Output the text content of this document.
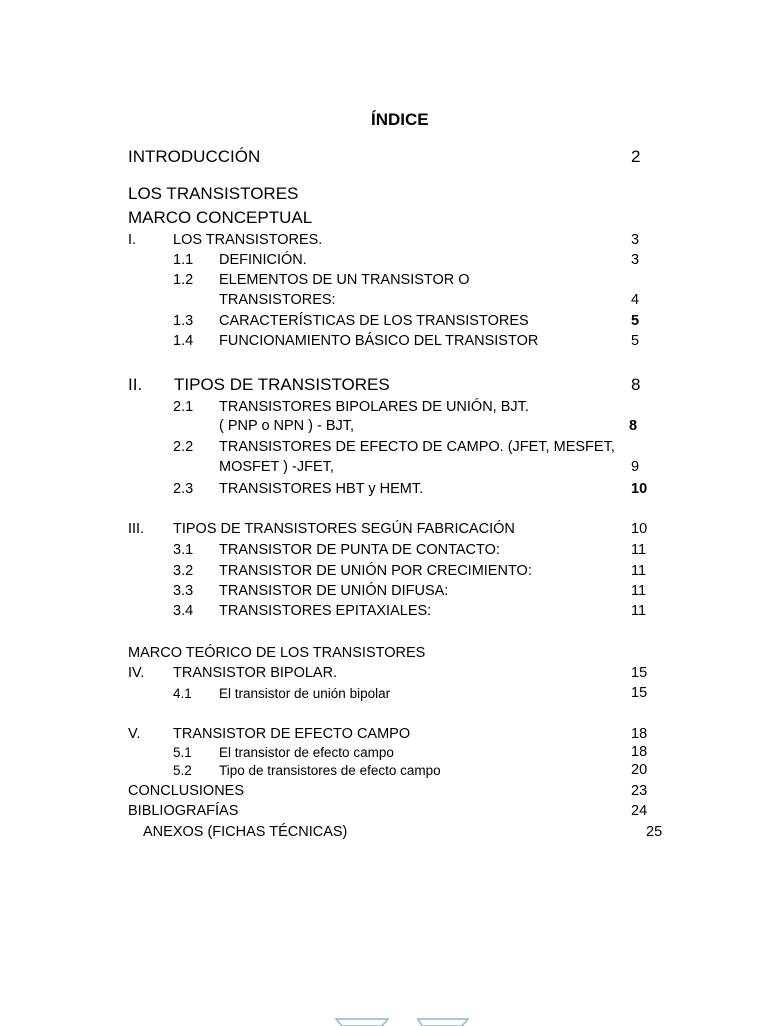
ÍNDICE
INTRODUCCIÓN	2
LOS TRANSISTORES
MARCO CONCEPTUAL
I.	LOS TRANSISTORES.	3
1.1 DEFINICIÓN.	3
1.2 ELEMENTOS DE UN TRANSISTOR O
TRANSISTORES:	4
1.3 CARACTERÍSTICAS DE LOS TRANSISTORES	5
1.4 FUNCIONAMIENTO BÁSICO DEL TRANSISTOR	5
II. TIPOS DE TRANSISTORES	8
2.1 TRANSISTORES BIPOLARES DE UNIÓN, BJT.
( PNP o NPN ) - BJT,	8
2.2 TRANSISTORES DE EFECTO DE CAMPO. (JFET, MESFET,
MOSFET ) -JFET,	9
2.3 TRANSISTORES HBT y HEMT.	10
III. TIPOS DE TRANSISTORES SEGÚN FABRICACIÓN	10
3.1 TRANSISTOR DE PUNTA DE CONTACTO:	11
3.2 TRANSISTOR DE UNIÓN POR CRECIMIENTO:	11
3.3 TRANSISTOR DE UNIÓN DIFUSA:	11
3.4 TRANSISTORES EPITAXIALES:	11
MARCO TEÓRICO DE LOS TRANSISTORES
IV. TRANSISTOR BIPOLAR.	15
4.1 El transistor de unión bipolar	15
V. TRANSISTOR DE EFECTO CAMPO	18
5.1 El transistor de efecto campo	18
5.2 Tipo de transistores de efecto campo	20
CONCLUSIONES	23
BIBLIOGRAFÍAS	24
ANEXOS (FICHAS TÉCNICAS)	25
